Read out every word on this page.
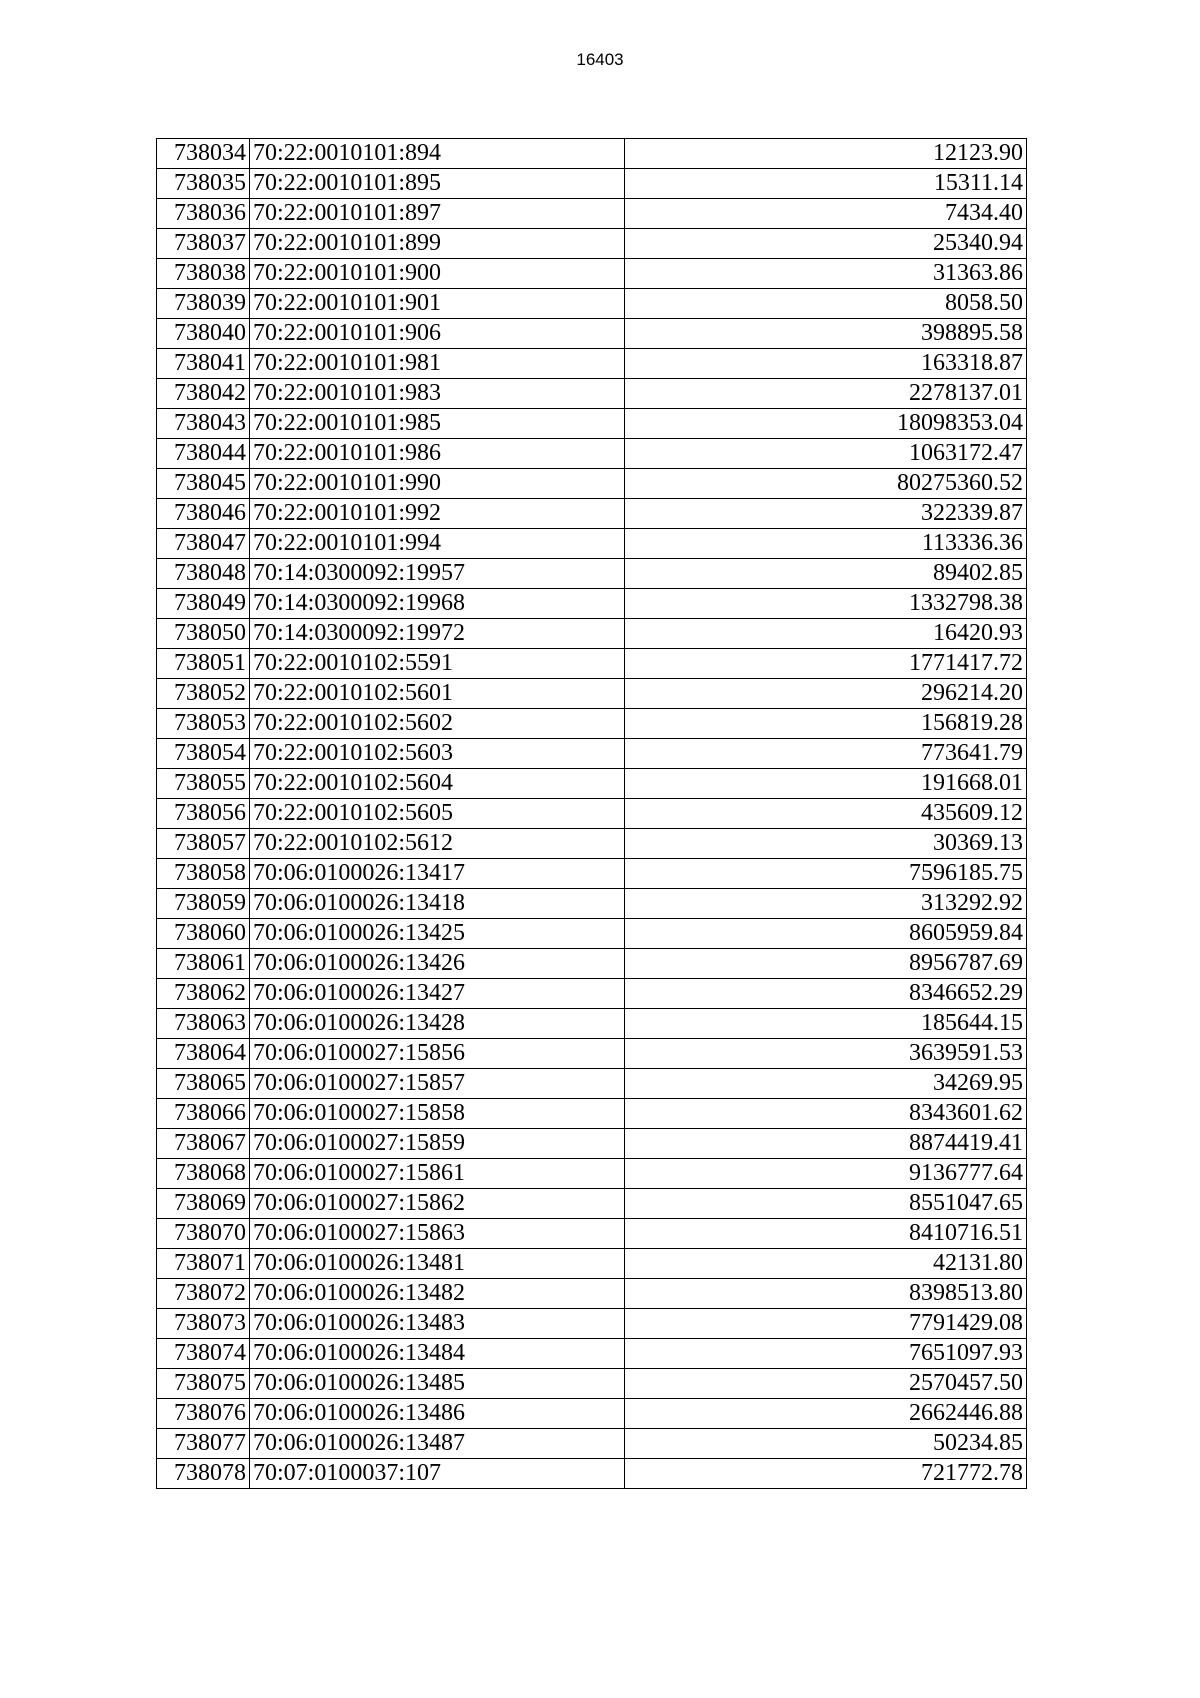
16403
738034	70:22:0010101:894	12123.90
738035	70:22:0010101:895	15311.14
738036	70:22:0010101:897	7434.40
738037	70:22:0010101:899	25340.94
738038	70:22:0010101:900	31363.86
738039	70:22:0010101:901	8058.50
738040	70:22:0010101:906	398895.58
738041	70:22:0010101:981	163318.87
738042	70:22:0010101:983	2278137.01
738043	70:22:0010101:985	18098353.04
738044	70:22:0010101:986	1063172.47
738045	70:22:0010101:990	80275360.52
738046	70:22:0010101:992	322339.87
738047	70:22:0010101:994	113336.36
738048	70:14:0300092:19957	89402.85
738049	70:14:0300092:19968	1332798.38
738050	70:14:0300092:19972	16420.93
738051	70:22:0010102:5591	1771417.72
738052	70:22:0010102:5601	296214.20
738053	70:22:0010102:5602	156819.28
738054	70:22:0010102:5603	773641.79
738055	70:22:0010102:5604	191668.01
738056	70:22:0010102:5605	435609.12
738057	70:22:0010102:5612	30369.13
738058	70:06:0100026:13417	7596185.75
738059	70:06:0100026:13418	313292.92
738060	70:06:0100026:13425	8605959.84
738061	70:06:0100026:13426	8956787.69
738062	70:06:0100026:13427	8346652.29
738063	70:06:0100026:13428	185644.15
738064	70:06:0100027:15856	3639591.53
738065	70:06:0100027:15857	34269.95
738066	70:06:0100027:15858	8343601.62
738067	70:06:0100027:15859	8874419.41
738068	70:06:0100027:15861	9136777.64
738069	70:06:0100027:15862	8551047.65
738070	70:06:0100027:15863	8410716.51
738071	70:06:0100026:13481	42131.80
738072	70:06:0100026:13482	8398513.80
738073	70:06:0100026:13483	7791429.08
738074	70:06:0100026:13484	7651097.93
738075	70:06:0100026:13485	2570457.50
738076	70:06:0100026:13486	2662446.88
738077	70:06:0100026:13487	50234.85
738078	70:07:0100037:107	721772.78
